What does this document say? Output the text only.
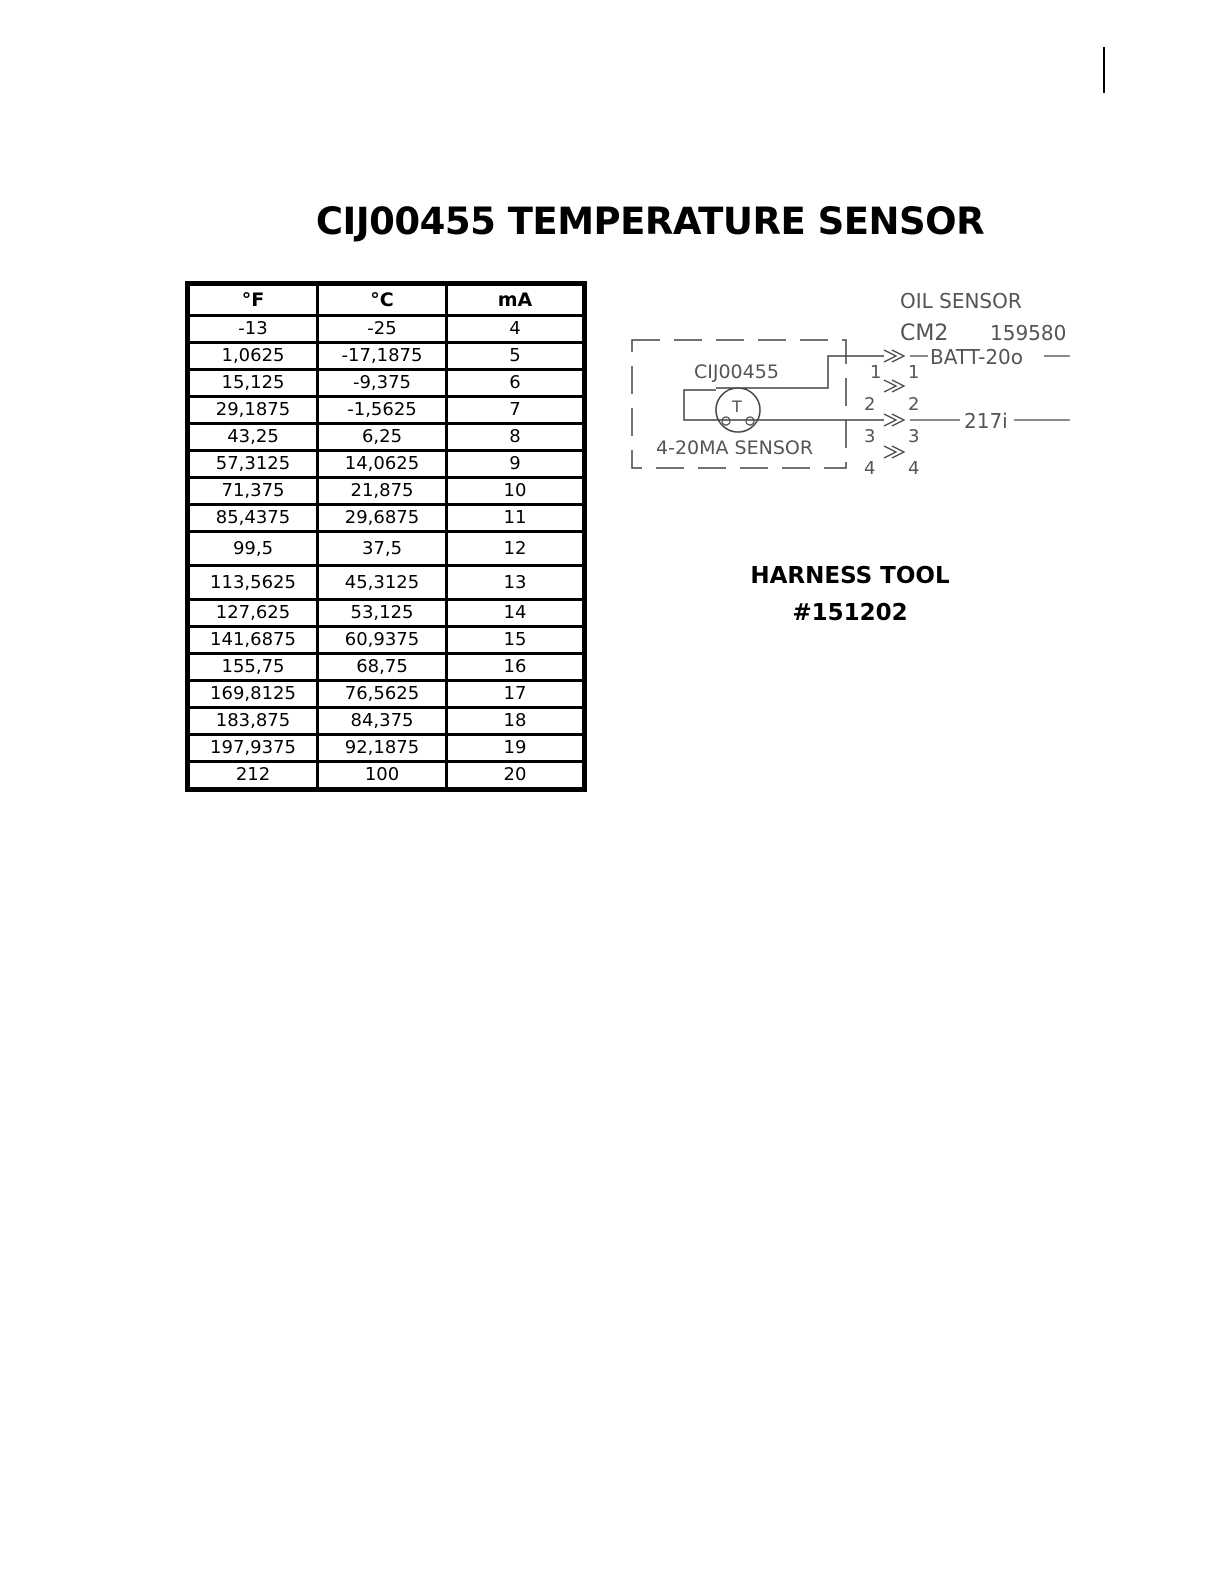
CIJ00455 TEMPERATURE SENSOR
°F	°C	mA
-13	-25	4
1,0625	-17,1875	5
15,125	-9,375	6
29,1875	-1,5625	7
43,25	6,25	8
57,3125	14,0625	9
71,375	21,875	10
85,4375	29,6875	11
99,5	37,5	12
113,5625	45,3125	13
127,625	53,125	14
141,6875	60,9375	15
155,75	68,75	16
169,8125	76,5625	17
183,875	84,375	18
197,9375	92,1875	19
212	100	20
OIL SENSOR
CM2 159580
CIJ00455
4-20MA SENSOR
T
1
2
3
4
1
2
3
4
BATT-20o
217i
HARNESS TOOL
#151202
